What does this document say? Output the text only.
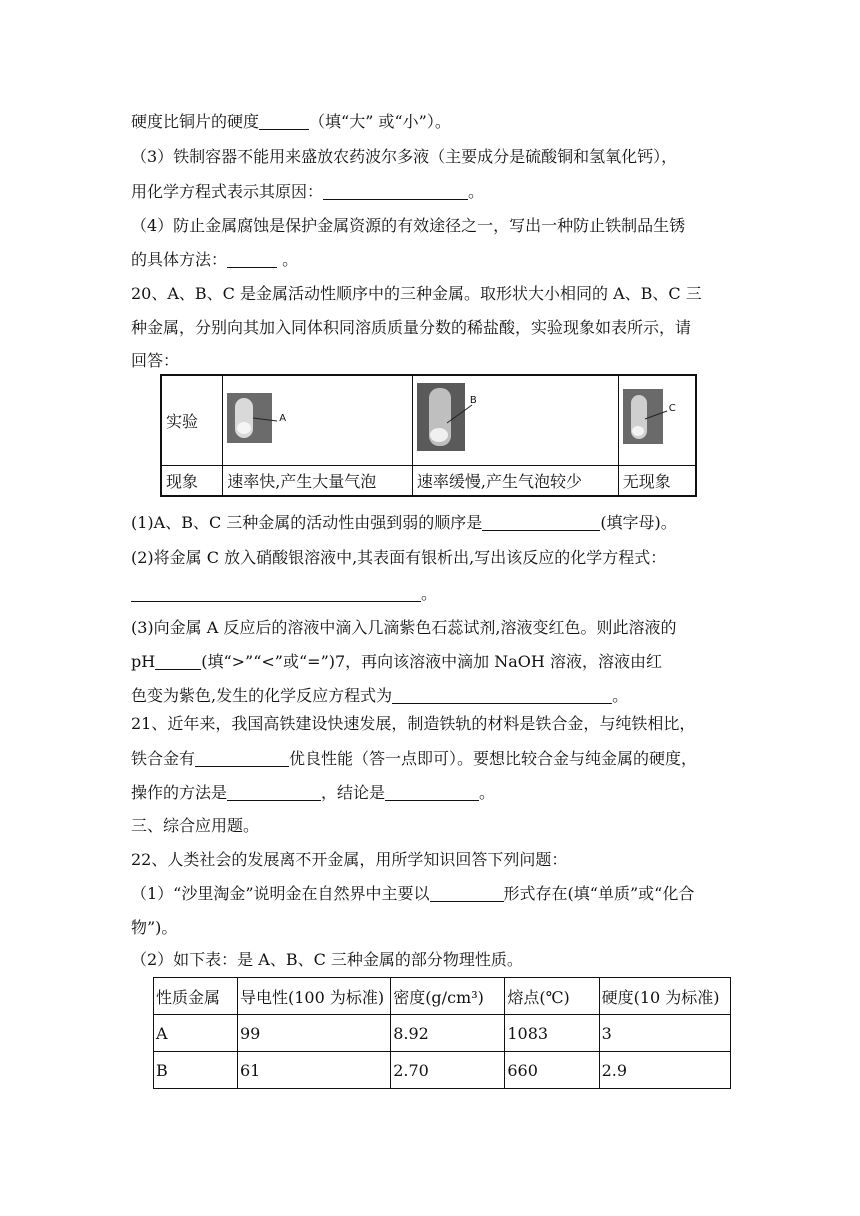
硬度比铜片的硬度	（填“大” 或“小”）。
（3）铁制容器不能用来盛放农药波尔多液（主要成分是硫酸铜和氢氧化钙），
用化学方程式表示其原因：	。
（4）防止金属腐蚀是保护金属资源的有效途径之一，写出一种防止铁制品生锈
的具体方法：	。
20、A、B、C 是金属活动性顺序中的三种金属。取形状大小相同的 A、B、C 三
种金属，分别向其加入同体积同溶质质量分数的稀盐酸，实验现象如表所示，请
回答：
实验	A	B	C

现象	速率快,产生大量气泡	速率缓慢,产生气泡较少	无现象
(1)A、B、C 三种金属的活动性由强到弱的顺序是	(填字母)。
(2)将金属 C 放入硝酸银溶液中,其表面有银析出,写出该反应的化学方程式：
。
(3)向金属 A 反应后的溶液中滴入几滴紫色石蕊试剂,溶液变红色。则此溶液的
pH	(填“>”“<”或“=”)7，再向该溶液中滴加 NaOH 溶液，溶液由红
色变为紫色,发生的化学反应方程式为	。
21、近年来，我国高铁建设快速发展，制造铁轨的材料是铁合金，与纯铁相比，
铁合金有	优良性能（答一点即可）。要想比较合金与纯金属的硬度，
操作的方法是	，结论是	。
三、综合应用题。
22、人类社会的发展离不开金属，用所学知识回答下列问题：
（1）“沙里淘金”说明金在自然界中主要以	形式存在(填“单质”或“化合
物”)。
（2）如下表：是 A、B、C 三种金属的部分物理性质。
性质金属	导电性(100 为标准)	密度(g/cm³)	熔点(℃)	硬度(10 为标准)
A	99	8.92	1083	3
B	61	2.70	660	2.9
